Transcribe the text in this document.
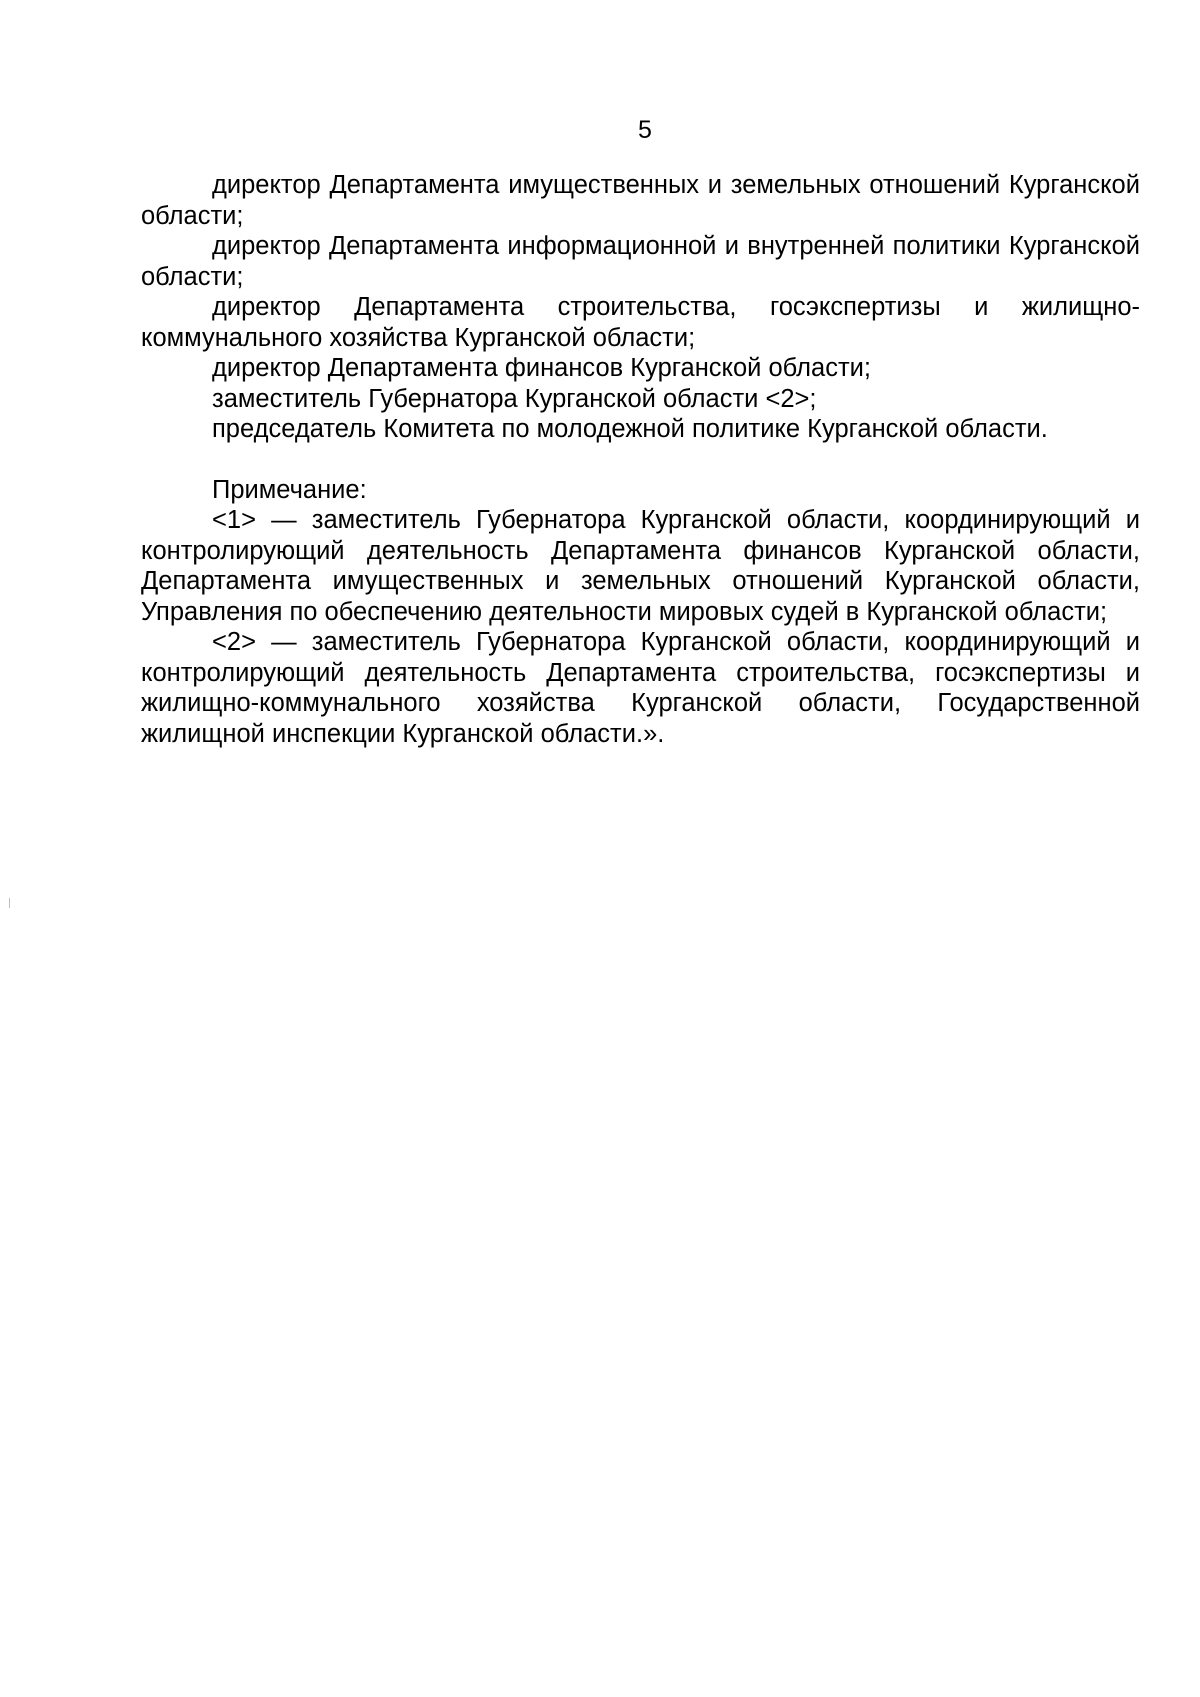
5

директор Департамента имущественных и земельных отношений Курганской области;

директор Департамента информационной и внутренней политики Курганской области;

директор Департамента строительства, госэкспертизы и жилищно-коммунального хозяйства Курганской области;

директор Департамента финансов Курганской области;

заместитель Губернатора Курганской области <2>;

председатель Комитета по молодежной политике Курганской области.

Примечание:

<1> — заместитель Губернатора Курганской области, координирующий и контролирующий деятельность Департамента финансов Курганской области, Департамента имущественных и земельных отношений Курганской области, Управления по обеспечению деятельности мировых судей в Курганской области;

<2> — заместитель Губернатора Курганской области, координирующий и контролирующий деятельность Департамента строительства, госэкспертизы и жилищно-коммунального хозяйства Курганской области, Государственной жилищной инспекции Курганской области.».
